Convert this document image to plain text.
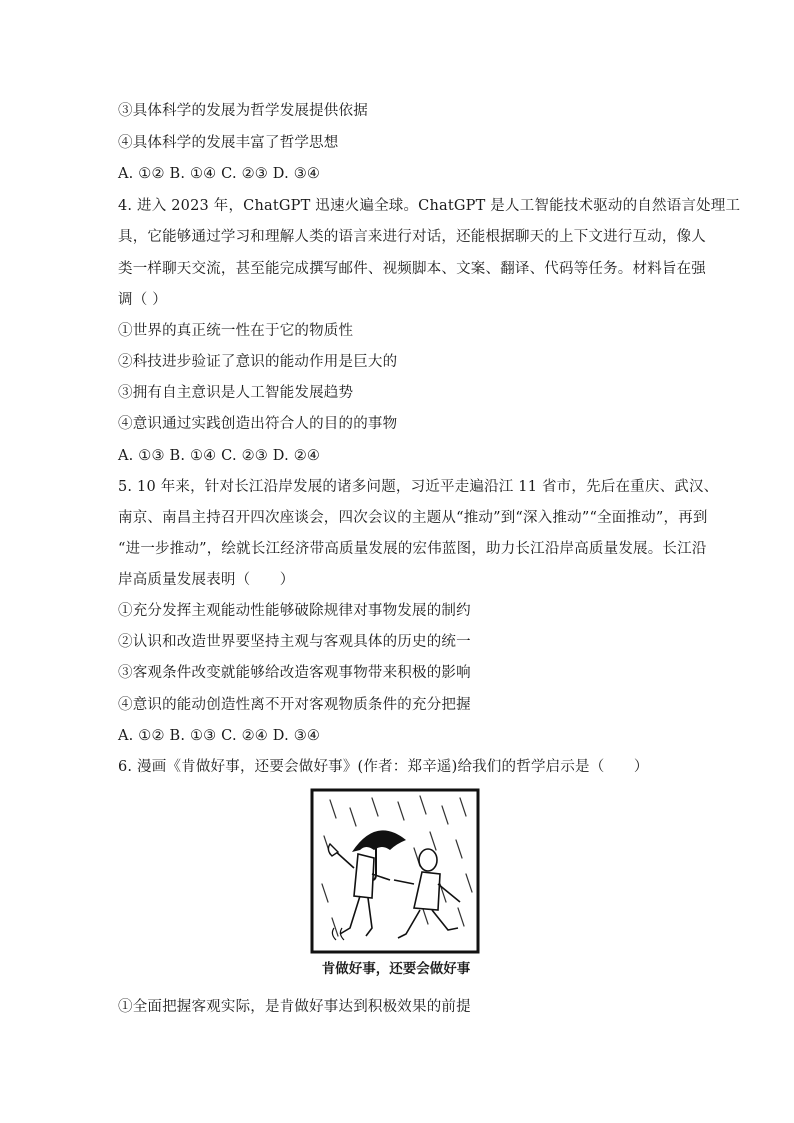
③具体科学的发展为哲学发展提供依据
④具体科学的发展丰富了哲学思想
A. ①② B. ①④ C. ②③ D. ③④
4. 进入 2023 年，ChatGPT 迅速火遍全球。ChatGPT 是人工智能技术驱动的自然语言处理工
具，它能够通过学习和理解人类的语言来进行对话，还能根据聊天的上下文进行互动，像人
类一样聊天交流，甚至能完成撰写邮件、视频脚本、文案、翻译、代码等任务。材料旨在强
调（ ）
①世界的真正统一性在于它的物质性
②科技进步验证了意识的能动作用是巨大的
③拥有自主意识是人工智能发展趋势
④意识通过实践创造出符合人的目的的事物
A. ①③ B. ①④ C. ②③ D. ②④
5. 10 年来，针对长江沿岸发展的诸多问题，习近平走遍沿江 11 省市，先后在重庆、武汉、
南京、南昌主持召开四次座谈会，四次会议的主题从“推动”到“深入推动”“全面推动”，再到
“进一步推动”，绘就长江经济带高质量发展的宏伟蓝图，助力长江沿岸高质量发展。长江沿
岸高质量发展表明（　　）
①充分发挥主观能动性能够破除规律对事物发展的制约
②认识和改造世界要坚持主观与客观具体的历史的统一
③客观条件改变就能够给改造客观事物带来积极的影响
④意识的能动创造性离不开对客观物质条件的充分把握
A. ①② B. ①③ C. ②④ D. ③④
6. 漫画《肯做好事，还要会做好事》(作者：郑辛遥)给我们的哲学启示是（　　）
肯做好事，还要会做好事
①全面把握客观实际，是肯做好事达到积极效果的前提
